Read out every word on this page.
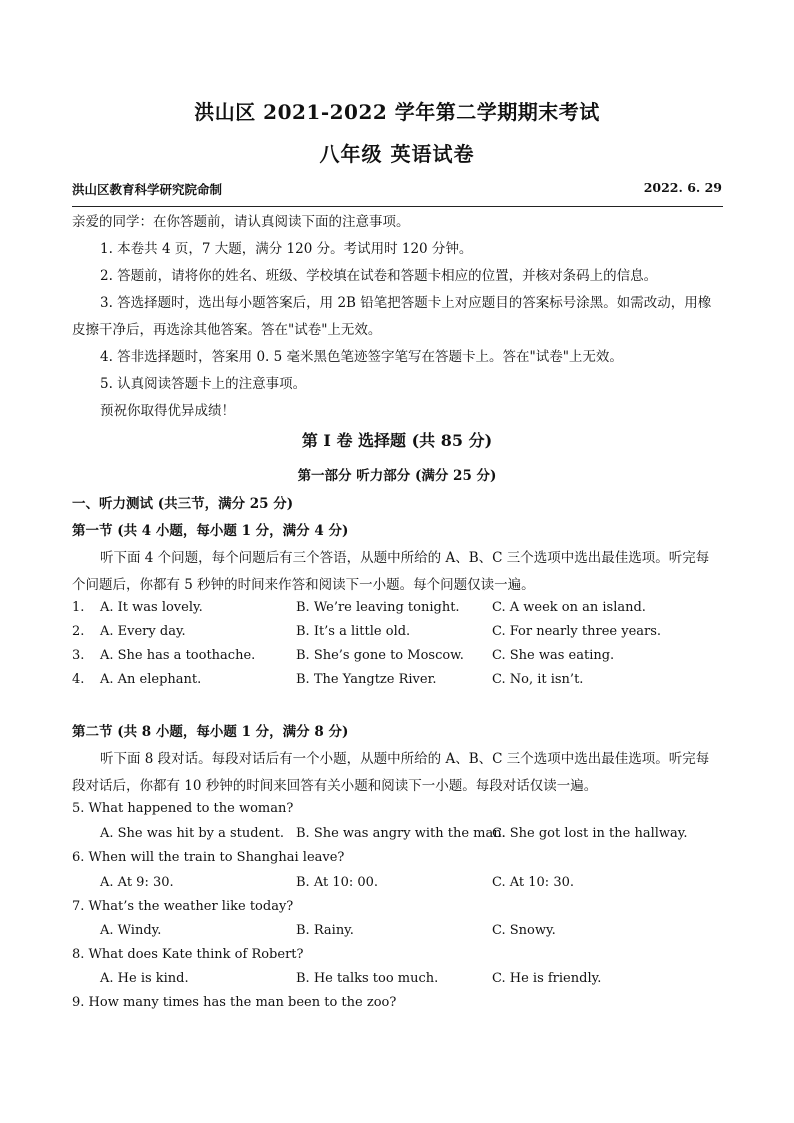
洪山区 2021-2022 学年第二学期期末考试
八年级 英语试卷
洪山区教育科学研究院命制	2022. 6. 29
亲爱的同学：在你答题前，请认真阅读下面的注意事项。
1. 本卷共 4 页，7 大题，满分 120 分。考试用时 120 分钟。
2. 答题前，请将你的姓名、班级、学校填在试卷和答题卡相应的位置，并核对条码上的信息。
3. 答选择题时，选出每小题答案后，用 2B 铅笔把答题卡上对应题目的答案标号涂黑。如需改动，用橡
皮擦干净后，再选涂其他答案。答在"试卷"上无效。
4. 答非选择题时，答案用 0. 5 毫米黑色笔迹签字笔写在答题卡上。答在"试卷"上无效。
5. 认真阅读答题卡上的注意事项。
预祝你取得优异成绩！
第 I 卷 选择题 (共 85 分)
第一部分 听力部分 (满分 25 分)
一、听力测试 (共三节，满分 25 分)
第一节 (共 4 小题，每小题 1 分，满分 4 分)
听下面 4 个问题，每个问题后有三个答语，从题中所给的 A、B、C 三个选项中选出最佳选项。听完每
个问题后，你都有 5 秒钟的时间来作答和阅读下一小题。每个问题仅读一遍。
1. A. It was lovely.	B. We’re leaving tonight. C. A week on an island.
2. A. Every day.	B. It’s a little old.	C. For nearly three years.
3. A. She has a toothache.	B. She’s gone to Moscow. C. She was eating.
4. A. An elephant.	B. The Yangtze River.	C. No, it isn’t.
第二节 (共 8 小题，每小题 1 分，满分 8 分)
听下面 8 段对话。每段对话后有一个小题，从题中所给的 A、B、C 三个选项中选出最佳选项。听完每
段对话后，你都有 10 秒钟的时间来回答有关小题和阅读下一小题。每段对话仅读一遍。
5. What happened to the woman?
A. She was hit by a student. B. She was angry with the man.
C. She got lost in the hallway.
6. When will the train to Shanghai leave?
A. At 9: 30.	B. At 10: 00.	C. At 10: 30.
7. What’s the weather like today?
A. Windy.	B. Rainy.	C. Snowy.
8. What does Kate think of Robert?
A. He is kind.	B. He talks too much.	C. He is friendly.
9. How many times has the man been to the zoo?
